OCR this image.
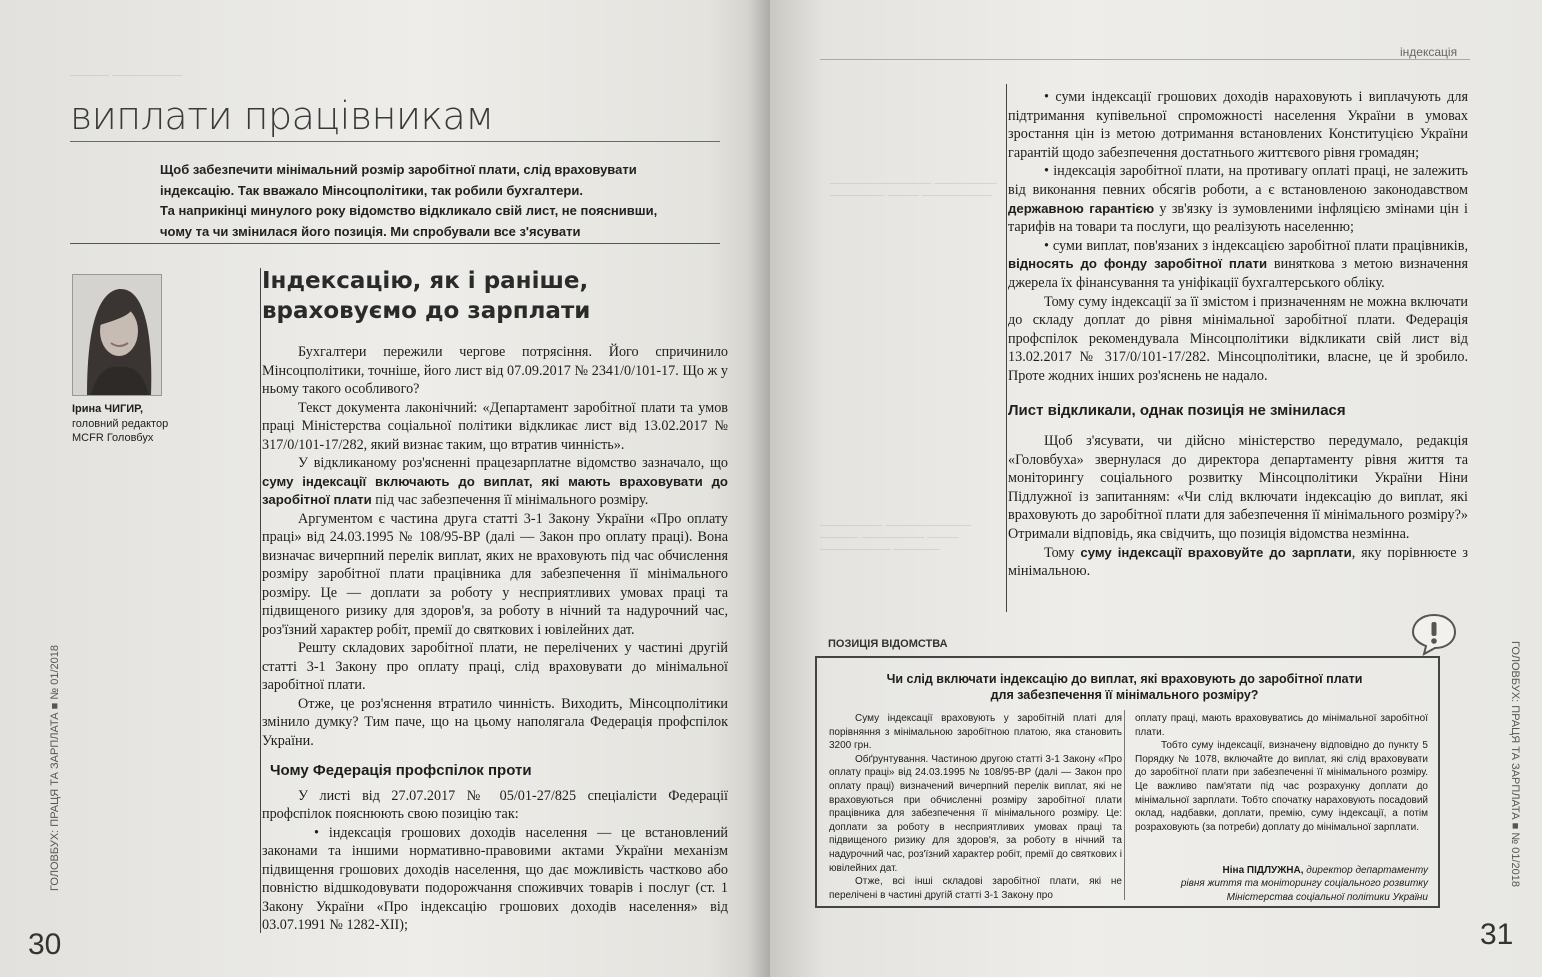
виплати працівникам
Щоб забезпечити мінімальний розмір заробітної плати, слід враховувати
індексацію. Так вважало Мінсоцполітики, так робили бухгалтери.
Та наприкінці минулого року відомство відкликало свій лист, не пояснивши,
чому та чи змінилася його позиція. Ми спробували все з'ясувати
Ірина ЧИГИР,
головний редактор
МСFR Головбух
Індексацію, як і раніше,
враховуємо до зарплати

Бухгалтери пережили чергове потрясіння. Його спричинило Мінсоцполітики, точніше, його лист від 07.09.2017 № 2341/0/101-17. Що ж у ньому такого особливого?

Текст документа лаконічний: «Департамент заробітної плати та умов праці Міністерства соціальної політики відкликає лист від 13.02.2017 № 317/0/101-17/282, який визнає таким, що втратив чинність».

У відкликаному роз'ясненні працезарплатне відомство зазначало, що суму індексації включають до виплат, які мають враховувати до заробітної плати під час забезпечення її мінімального розміру.

Аргументом є частина друга статті 3-1 Закону України «Про оплату праці» від 24.03.1995 № 108/95-ВР (далі — Закон про оплату праці). Вона визначає вичерпний перелік виплат, яких не враховують під час обчислення розміру заробітної плати працівника для забезпечення її мінімального розміру. Це — доплати за роботу у несприятливих умовах праці та підвищеного ризику для здоров'я, за роботу в нічний та надурочний час, роз'їзний характер робіт, премії до святкових і ювілейних дат.

Решту складових заробітної плати, не перелічених у частині другій статті 3-1 Закону про оплату праці, слід враховувати до мінімальної заробітної плати.

Отже, це роз'яснення втратило чинність. Виходить, Мінсоцполітики змінило думку? Тим паче, що на цьому наполягала Федерація профспілок України.

Чому Федерація профспілок проти

У листі від 27.07.2017 № 05/01-27/825 спеціалісти Федерації профспілок пояснюють свою позицію так:

• індексація грошових доходів населення — це встановлений законами та іншими нормативно-правовими актами України механізм підвищення грошових доходів населення, що дає можливість частково або повністю відшкодовувати подорожчання споживчих товарів і послуг (ст. 1 Закону України «Про індексацію грошових доходів населення» від 03.07.1991 № 1282-XII);

ГОЛОВБУХ: ПРАЦЯ ТА ЗАРПЛАТА ■ № 01/2018
30
───── ─────────
індексація

• суми індексації грошових доходів нараховують і виплачують для підтримання купівельної спроможності населення України в умовах зростання цін із метою дотримання встановлених Конституцією України гарантій щодо забезпечення достатнього життєвого рівня громадян;

• індексація заробітної плати, на противагу оплаті праці, не залежить від виконання певних обсягів роботи, а є встановленою законодавством державною гарантією у зв'язку із зумовленими інфляцією змінами цін і тарифів на товари та послуги, що реалізують населенню;

• суми виплат, пов'язаних з індексацією заробітної плати працівників, відносять до фонду заробітної плати виняткова з метою визначення джерела їх фінансування та уніфікації бухгалтерського обліку.

Тому суму індексації за її змістом і призначенням не можна включати до складу доплат до рівня мінімальної заробітної плати. Федерація профспілок рекомендувала Мінсоцполітики відкликати свій лист від 13.02.2017 № 317/0/101-17/282. Мінсоцполітики, власне, це й зробило. Проте жодних інших роз'яснень не надало.

Лист відкликали, однак позиція не змінилася

Щоб з'ясувати, чи дійсно міністерство передумало, редакція «Головбуха» звернулася до директора департаменту рівня життя та моніторингу соціального розвитку Мінсоцполітики України Ніни Підлужної із запитанням: «Чи слід включати індексацію до виплат, які враховують до заробітної плати для забезпечення її мінімального розміру?» Отримали відповідь, яка свідчить, що позиція відомства незмінна.

Тому суму індексації враховуйте до зарплати, яку порівнюєте з мінімальною.

ПОЗИЦІЯ ВІДОМСТВА
Чи слід включати індексацію до виплат, які враховують до заробітної плати
для забезпечення її мінімального розміру?

Суму індексації враховують у заробітній платі для порівняння з мінімальною заробітною платою, яка становить 3200 грн.

Обґрунтування. Частиною другою статті 3-1 Закону «Про оплату праці» від 24.03.1995 № 108/95-ВР (далі — Закон про оплату праці) визначений вичерпний перелік виплат, які не враховуються при обчисленні розміру заробітної плати працівника для забезпечення її мінімального розміру. Це: доплати за роботу в несприятливих умовах праці та підвищеного ризику для здоров'я, за роботу в нічний та надурочний час, роз'їзний характер робіт, премії до святкових і ювілейних дат.

Отже, всі інші складові заробітної плати, які не перелічені в частині другій статті 3-1 Закону про

оплату праці, мають враховуватись до мінімальної заробітної плати.

Тобто суму індексації, визначену відповідно до пункту 5 Порядку № 1078, включайте до виплат, які слід враховувати до заробітної плати при забезпеченні її мінімального розміру. Це важливо пам'ятати під час розрахунку доплати до мінімальної зарплати. Тобто спочатку нараховують посадовий оклад, надбавки, доплати, премію, суму індексації, а потім розраховують (за потреби) доплату до мінімальної зарплати.

Ніна ПІДЛУЖНА, директор департаменту
рівня життя та моніторингу соціального розвитку
Міністерства соціальної політики України
ГОЛОВБУХ: ПРАЦЯ ТА ЗАРПЛАТА ■ № 01/2018
31
───────────── ──────── ─────── ──── ─────────
──────── ─────────── ───── ──────── ──── ───────── ──────
